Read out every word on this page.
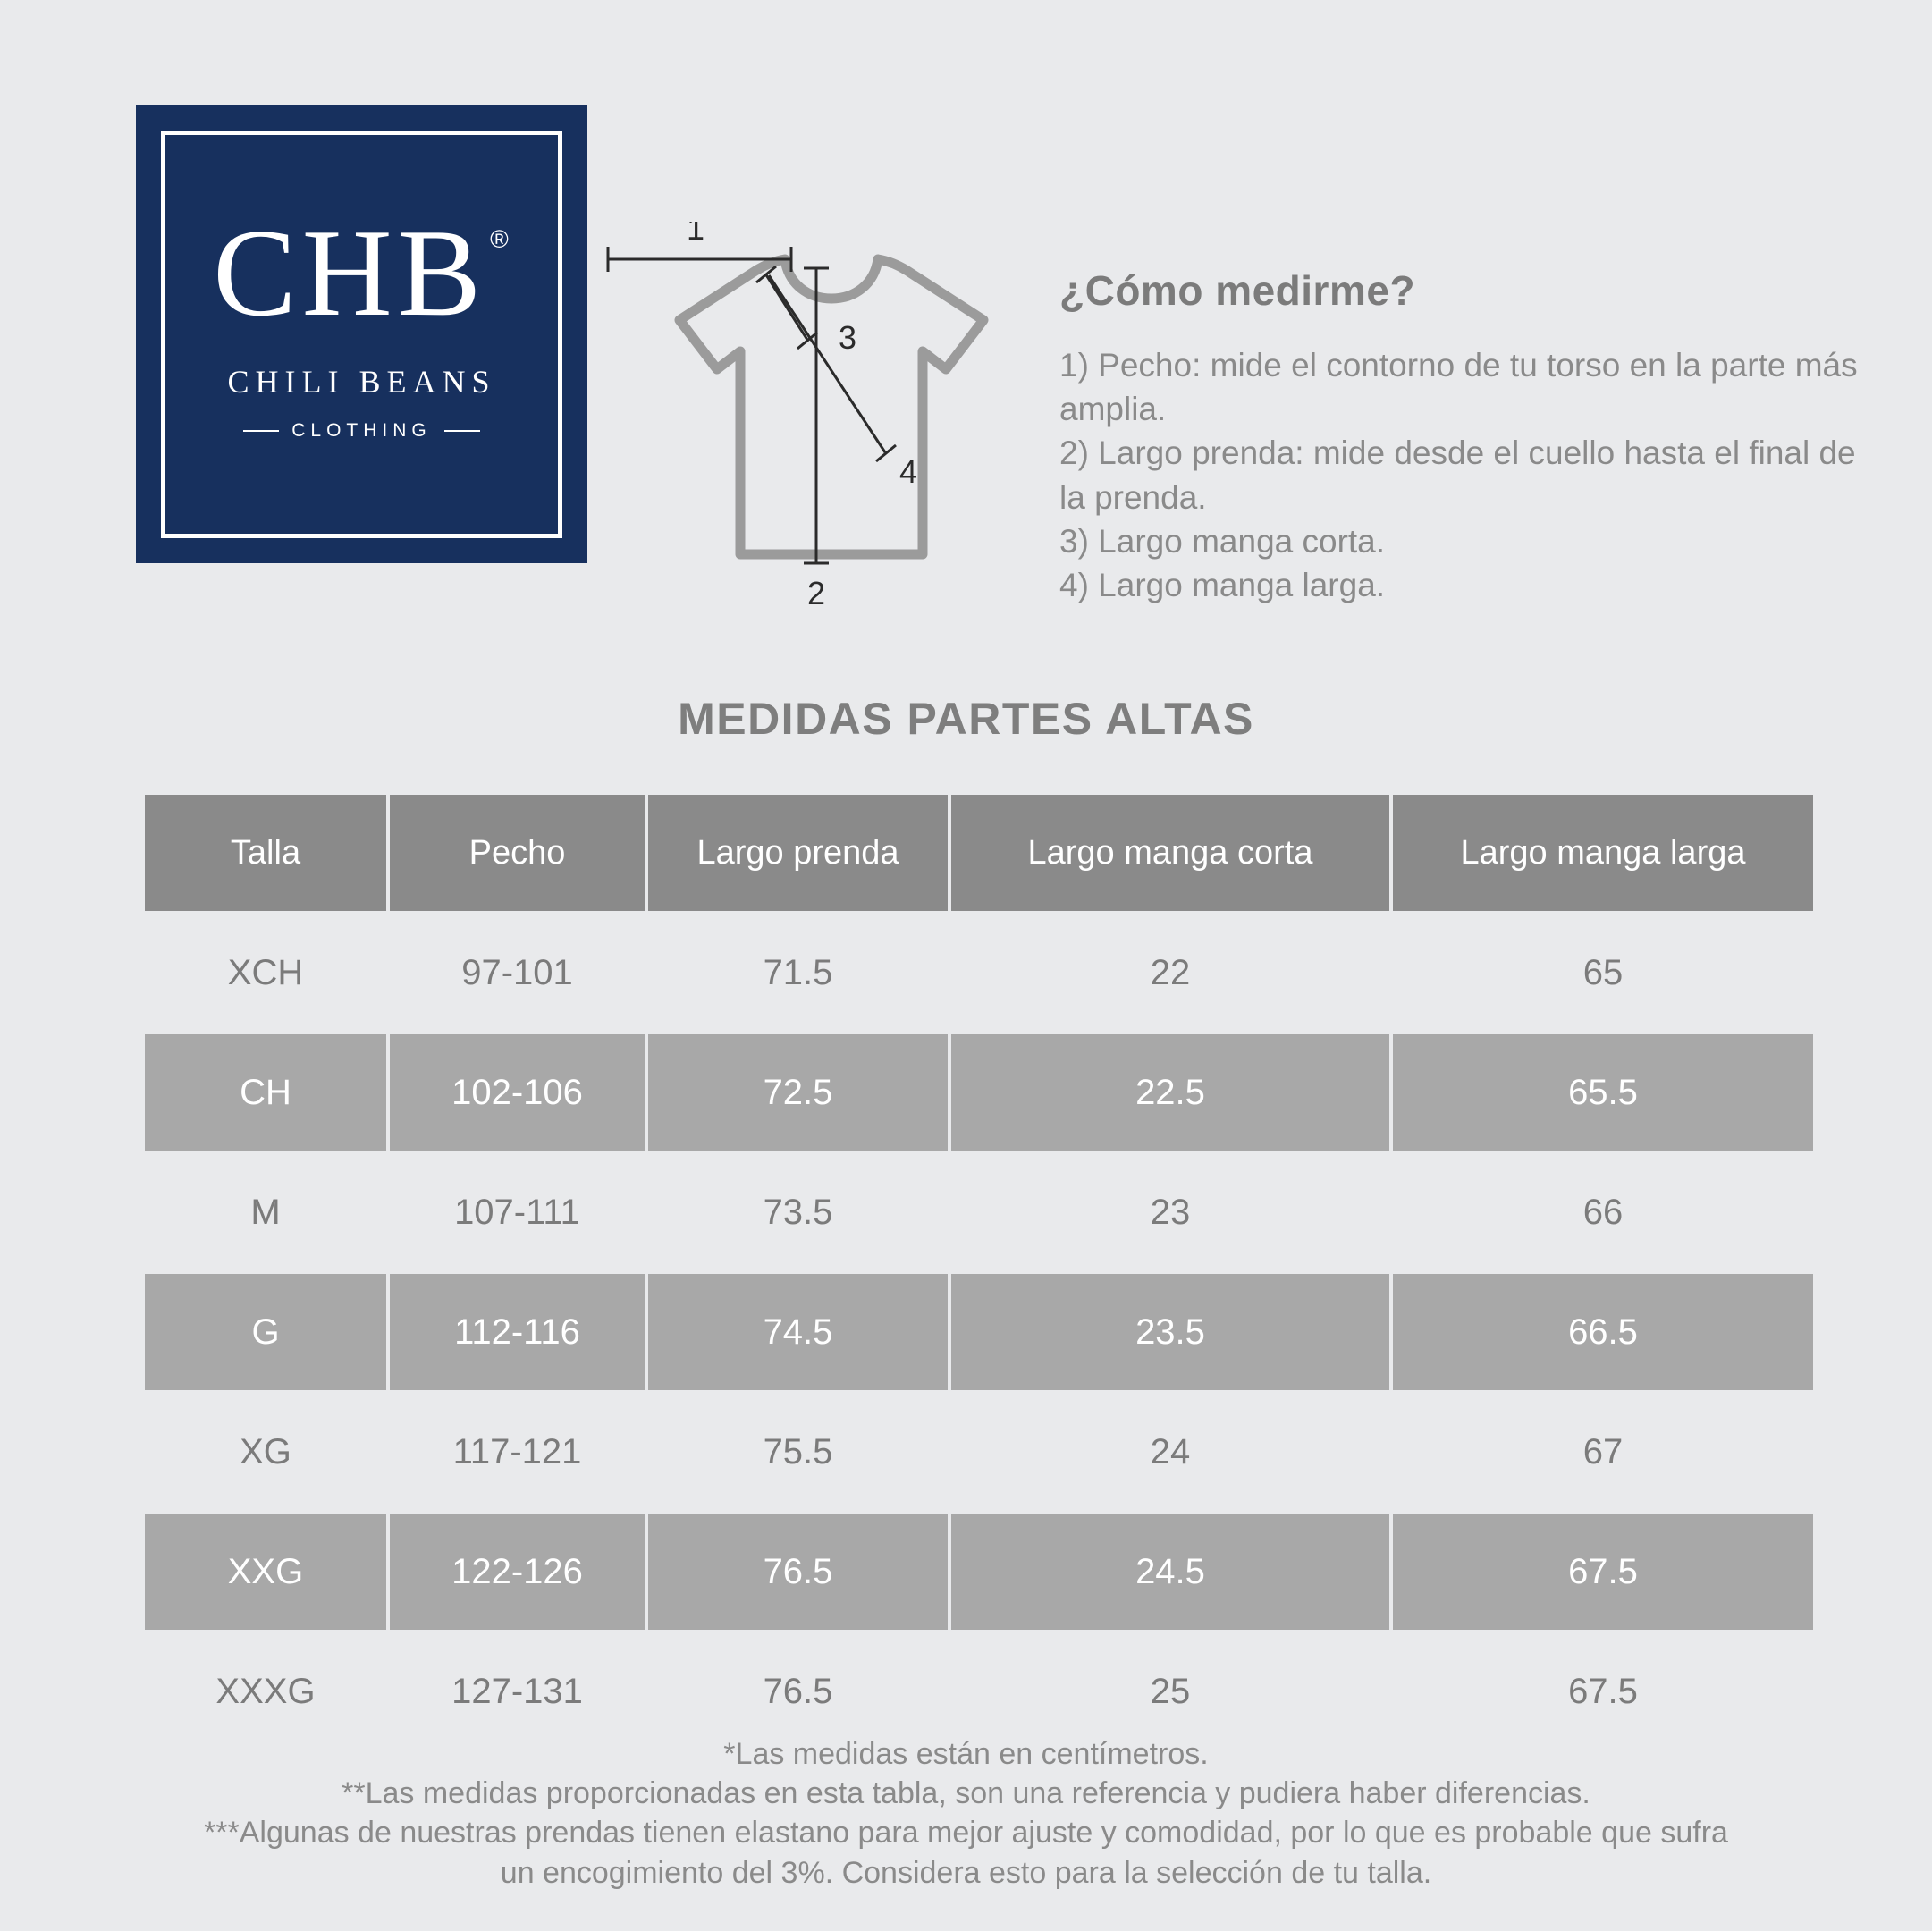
CHB ®
CHILI BEANS
CLOTHING
1
2
3
4
¿Cómo medirme?

1) Pecho: mide el contorno de tu torso en la parte más amplia.

2) Largo prenda: mide desde el cuello hasta el final de la prenda.

3) Largo manga corta.

4) Largo manga larga.

MEDIDAS PARTES ALTAS
Talla	Pecho	Largo prenda	Largo manga corta	Largo manga larga
XCH	97-101	71.5	22	65
CH	102-106	72.5	22.5	65.5
M	107-111	73.5	23	66
G	112-116	74.5	23.5	66.5
XG	117-121	75.5	24	67
XXG	122-126	76.5	24.5	67.5
XXXG	127-131	76.5	25	67.5

*Las medidas están en centímetros.

**Las medidas proporcionadas en esta tabla, son una referencia y pudiera haber diferencias.

***Algunas de nuestras prendas tienen elastano para mejor ajuste y comodidad, por lo que es probable que sufra

un encogimiento del 3%. Considera esto para la selección de tu talla.
